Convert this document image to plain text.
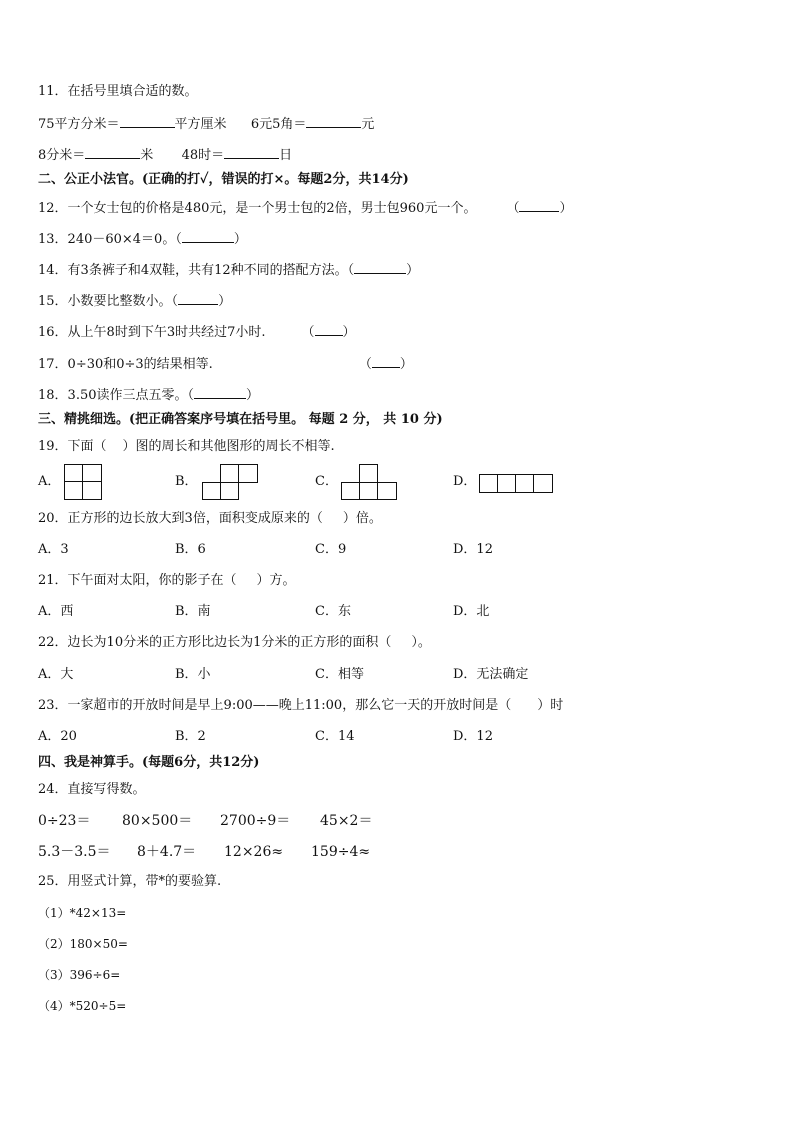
11．在括号里填合适的数。
75平方分米＝	平方厘米 6元5角＝	元
8分米＝	米 48时＝	日
二、公正小法官。(正确的打✓，错误的打×。每题2分，共14分)
12．一个女士包的价格是480元，是一个男士包的2倍，男士包960元一个。 （	）
13．240－60×4＝0。（	）
14．有3条裤子和4双鞋，共有12种不同的搭配方法。（	）
15．小数要比整数小。（	）
16．从上午8时到下午3时共经过7小时.	（ ）
17．0÷30和0÷3的结果相等.	（ ）
18．3.50读作三点五零。（	）
三、精挑细选。(把正确答案序号填在括号里。 每题 2 分， 共 10 分)
19．下面（ ）图的周长和其他图形的周长不相等.
A．	B．	C．	D．
20．正方形的边长放大到3倍，面积变成原来的（ ）倍。
A．3	B．6	C．9	D．12
21．下午面对太阳，你的影子在（ ）方。
A．西	B．南	C．东	D．北
22．边长为10分米的正方形比边长为1分米的正方形的面积（ ）。
A．大	B．小	C．相等	D．无法确定
23．一家超市的开放时间是早上9:00——晚上11:00，那么它一天的开放时间是（ ）时
A．20	B．2	C．14	D．12
四、我是神算手。(每题6分，共12分)
24．直接写得数。
0÷23＝ 80×500＝ 2700÷9＝ 45×2＝
5.3－3.5＝ 8＋4.7＝ 12×26≈ 159÷4≈
25．用竖式计算，带*的要验算.
（1）*42×13=
（2）180×50=
（3）396÷6=
（4）*520÷5=
